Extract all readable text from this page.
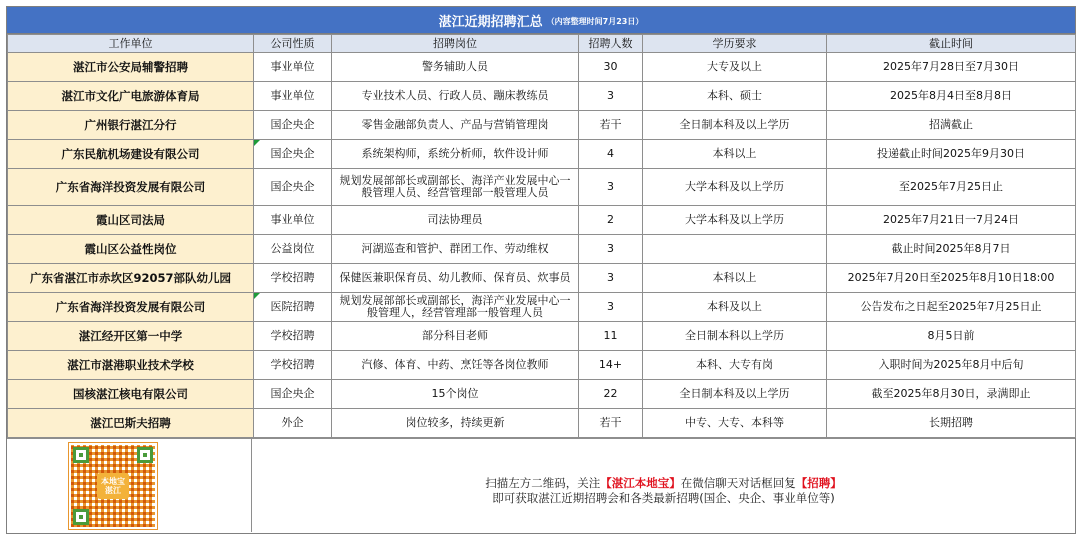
湛江近期招聘汇总 （内容整理时间7月23日）
工作单位	公司性质	招聘岗位	招聘人数	学历要求	截止时间
湛江市公安局辅警招聘	事业单位	警务辅助人员	30	大专及以上	2025年7月28日至7月30日
湛江市文化广电旅游体育局	事业单位	专业技术人员、行政人员、蹦床教练员	3	本科、硕士	2025年8月4日至8月8日
广州银行湛江分行	国企央企	零售金融部负责人、产品与营销管理岗	若干	全日制本科及以上学历	招满截止
广东民航机场建设有限公司	国企央企	系统架构师，系统分析师，软件设计师	4	本科以上	投递截止时间2025年9月30日
广东省海洋投资发展有限公司	国企央企	规划发展部部长或副部长、海洋产业发展中心一般管理人员、经营管理部一般管理人员	3	大学本科及以上学历	至2025年7月25日止
霞山区司法局	事业单位	司法协理员	2	大学本科及以上学历	2025年7月21日一7月24日
霞山区公益性岗位	公益岗位	河湖巡查和管护、群团工作、劳动维权	3		截止时间2025年8月7日
广东省湛江市赤坎区92057部队幼儿园	学校招聘	保健医兼职保育员、幼儿教师、保育员、炊事员	3	本科以上	2025年7月20日至2025年8月10日18:00
广东省海洋投资发展有限公司	医院招聘	规划发展部部长或副部长，海洋产业发展中心一般管理人，经营管理部一般管理人员	3	本科及以上	公告发布之日起至2025年7月25日止
湛江经开区第一中学	学校招聘	部分科目老师	11	全日制本科以上学历	8月5日前
湛江市湛港职业技术学校	学校招聘	汽修、体育、中药、烹饪等各岗位教师	14+	本科、大专有岗	入职时间为2025年8月中后旬
国核湛江核电有限公司	国企央企	15个岗位	22	全日制本科及以上学历	截至2025年8月30日，录满即止
湛江巴斯夫招聘	外企	岗位较多，持续更新	若干	中专、大专、本科等	长期招聘
本地宝
湛江
扫描左方二维码，关注【湛江本地宝】在微信聊天对话框回复【招聘】
即可获取湛江近期招聘会和各类最新招聘(国企、央企、事业单位等)
